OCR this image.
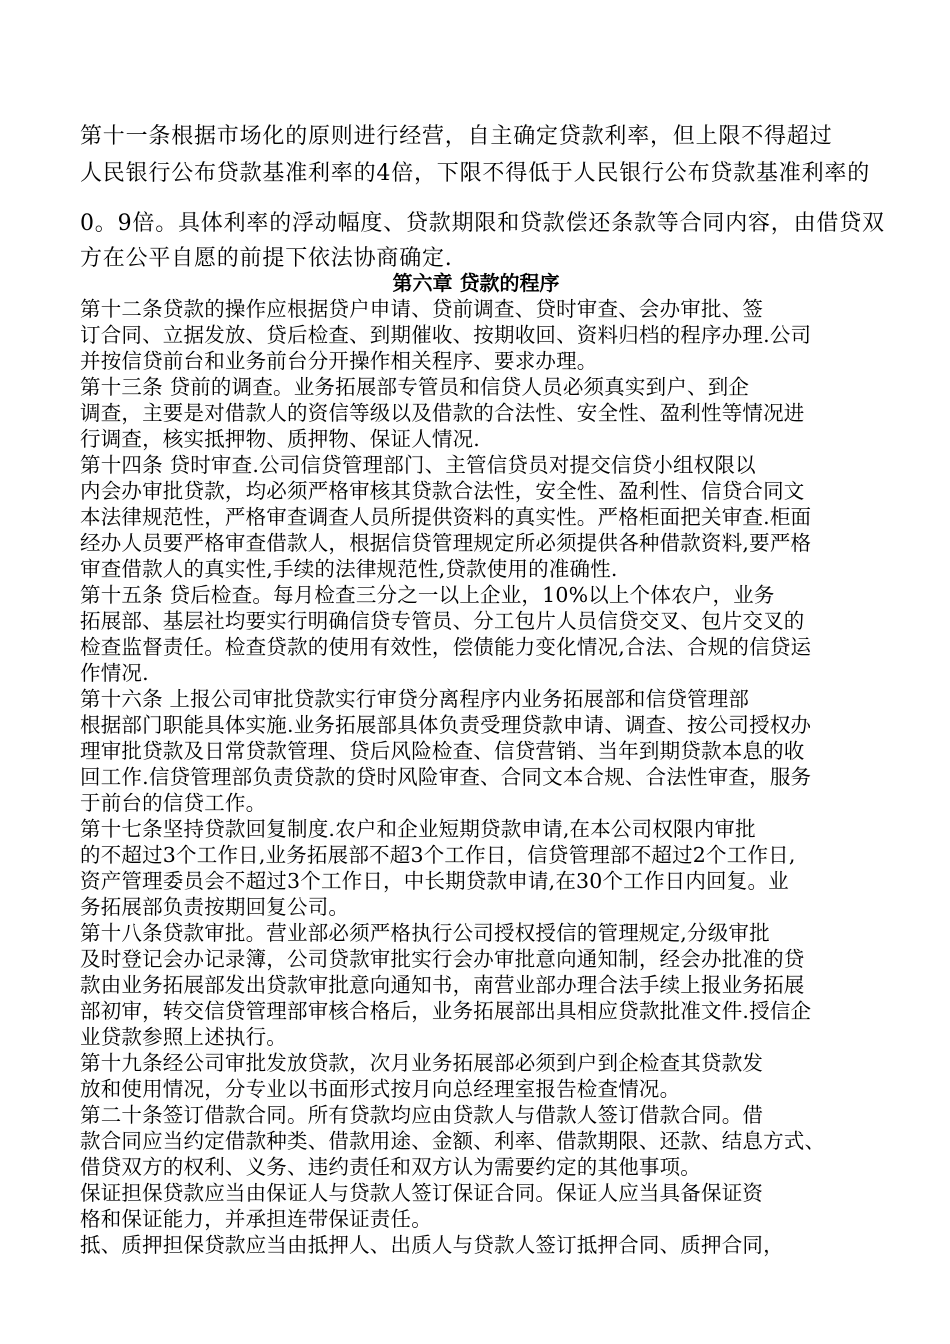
第十一条根据市场化的原则进行经营，自主确定贷款利率，但上限不得超过
人民银行公布贷款基准利率的4倍，下限不得低于人民银行公布贷款基准利率的
0。9倍。具体利率的浮动幅度、贷款期限和贷款偿还条款等合同内容，由借贷双
方在公平自愿的前提下依法协商确定.
第六章 贷款的程序
第十二条贷款的操作应根据贷户申请、贷前调查、贷时审查、会办审批、签
订合同、立据发放、贷后检查、到期催收、按期收回、资料归档的程序办理.公司
并按信贷前台和业务前台分开操作相关程序、要求办理。
第十三条 贷前的调查。业务拓展部专管员和信贷人员必须真实到户、到企
调查，主要是对借款人的资信等级以及借款的合法性、安全性、盈利性等情况进
行调查，核实抵押物、质押物、保证人情况.
第十四条 贷时审查.公司信贷管理部门、主管信贷员对提交信贷小组权限以
内会办审批贷款，均必须严格审核其贷款合法性，安全性、盈利性、信贷合同文
本法律规范性，严格审查调查人员所提供资料的真实性。严格柜面把关审查.柜面
经办人员要严格审查借款人，根据信贷管理规定所必须提供各种借款资料,要严格
审查借款人的真实性,手续的法律规范性,贷款使用的准确性.
第十五条 贷后检查。每月检查三分之一以上企业，10%以上个体农户，业务
拓展部、基层社均要实行明确信贷专管员、分工包片人员信贷交叉、包片交叉的
检查监督责任。检查贷款的使用有效性，偿债能力变化情况,合法、合规的信贷运
作情况.
第十六条 上报公司审批贷款实行审贷分离程序内业务拓展部和信贷管理部
根据部门职能具体实施.业务拓展部具体负责受理贷款申请、调查、按公司授权办
理审批贷款及日常贷款管理、贷后风险检查、信贷营销、当年到期贷款本息的收
回工作.信贷管理部负责贷款的贷时风险审查、合同文本合规、合法性审查，服务
于前台的信贷工作。
第十七条坚持贷款回复制度.农户和企业短期贷款申请,在本公司权限内审批
的不超过3个工作日,业务拓展部不超3个工作日，信贷管理部不超过2个工作日,
资产管理委员会不超过3个工作日，中长期贷款申请,在30个工作日内回复。业
务拓展部负责按期回复公司。
第十八条贷款审批。营业部必须严格执行公司授权授信的管理规定,分级审批
及时登记会办记录簿，公司贷款审批实行会办审批意向通知制，经会办批准的贷
款由业务拓展部发出贷款审批意向通知书，南营业部办理合法手续上报业务拓展
部初审，转交信贷管理部审核合格后，业务拓展部出具相应贷款批准文件.授信企
业贷款参照上述执行。
第十九条经公司审批发放贷款，次月业务拓展部必须到户到企检查其贷款发
放和使用情况，分专业以书面形式按月向总经理室报告检查情况。
第二十条签订借款合同。所有贷款均应由贷款人与借款人签订借款合同。借
款合同应当约定借款种类、借款用途、金额、利率、借款期限、还款、结息方式、
借贷双方的权利、义务、违约责任和双方认为需要约定的其他事项。
保证担保贷款应当由保证人与贷款人签订保证合同。保证人应当具备保证资
格和保证能力，并承担连带保证责任。
抵、质押担保贷款应当由抵押人、出质人与贷款人签订抵押合同、质押合同，
